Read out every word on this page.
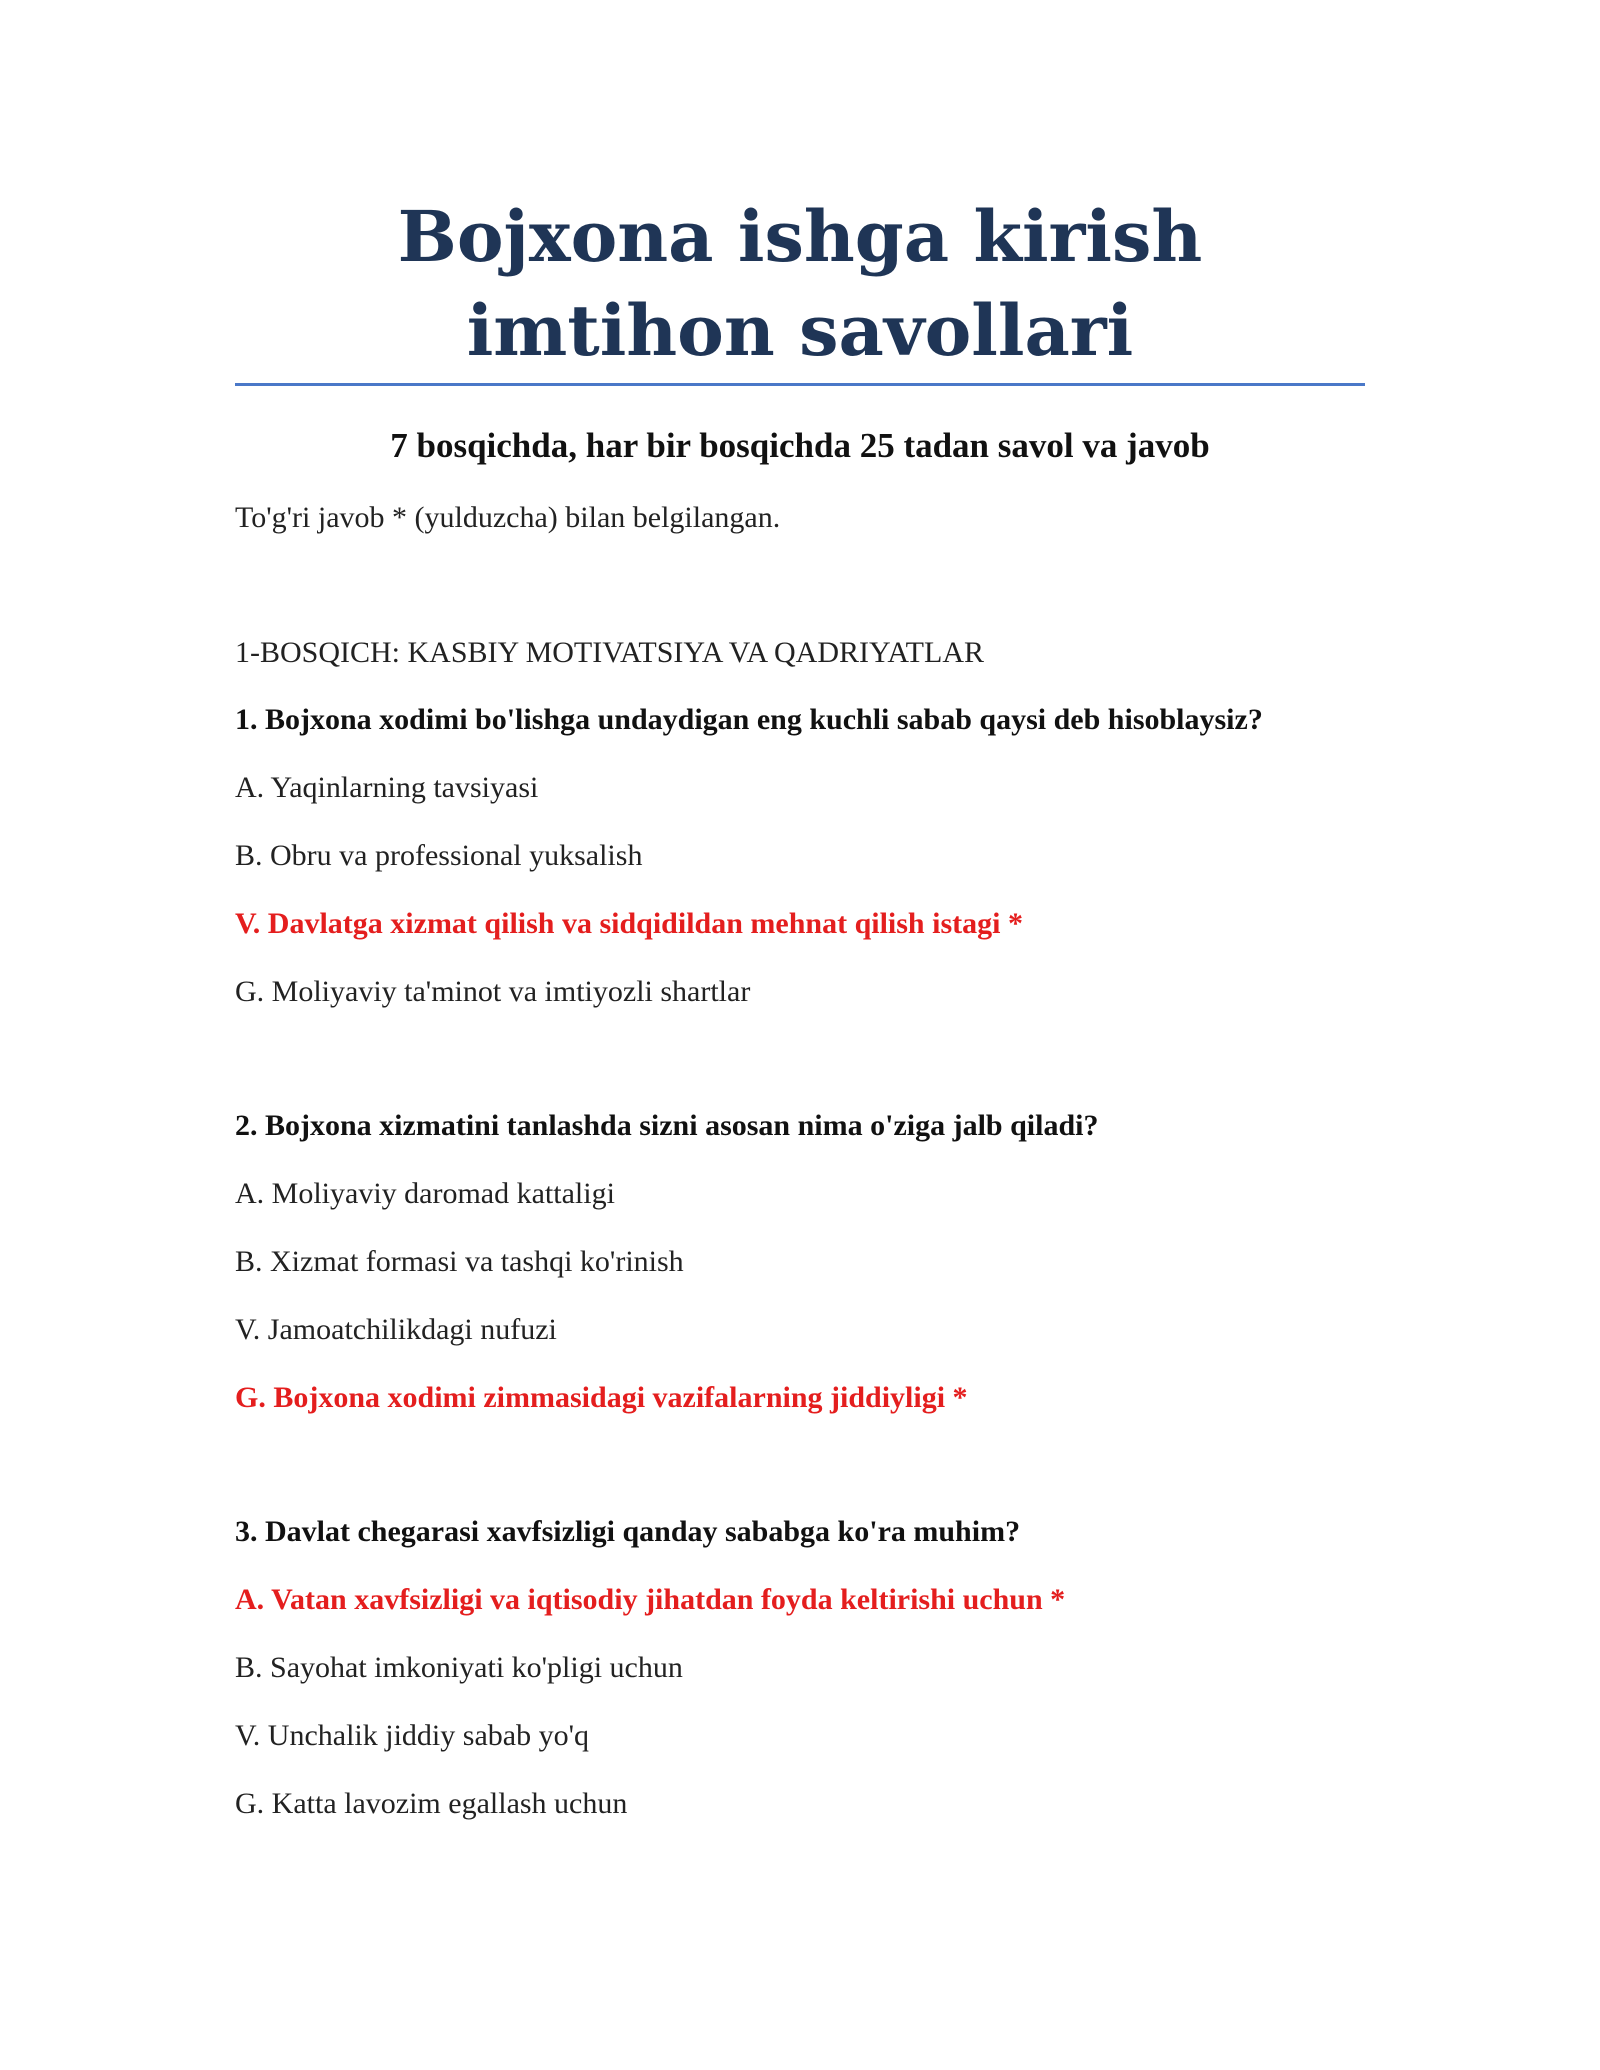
Bojxona ishga kirish imtihon savollari
7 bosqichda, har bir bosqichda 25 tadan savol va javob
To'g'ri javob * (yulduzcha) bilan belgilangan.
1-BOSQICH: KASBIY MOTIVATSIYA VA QADRIYATLAR
1. Bojxona xodimi bo'lishga undaydigan eng kuchli sabab qaysi deb hisoblaysiz?
A. Yaqinlarning tavsiyasi
B. Obru va professional yuksalish
V. Davlatga xizmat qilish va sidqidildan mehnat qilish istagi *
G. Moliyaviy ta'minot va imtiyozli shartlar
2. Bojxona xizmatini tanlashda sizni asosan nima o'ziga jalb qiladi?
A. Moliyaviy daromad kattaligi
B. Xizmat formasi va tashqi ko'rinish
V. Jamoatchilikdagi nufuzi
G. Bojxona xodimi zimmasidagi vazifalarning jiddiyligi *
3. Davlat chegarasi xavfsizligi qanday sababga ko'ra muhim?
A. Vatan xavfsizligi va iqtisodiy jihatdan foyda keltirishi uchun *
B. Sayohat imkoniyati ko'pligi uchun
V. Unchalik jiddiy sabab yo'q
G. Katta lavozim egallash uchun
